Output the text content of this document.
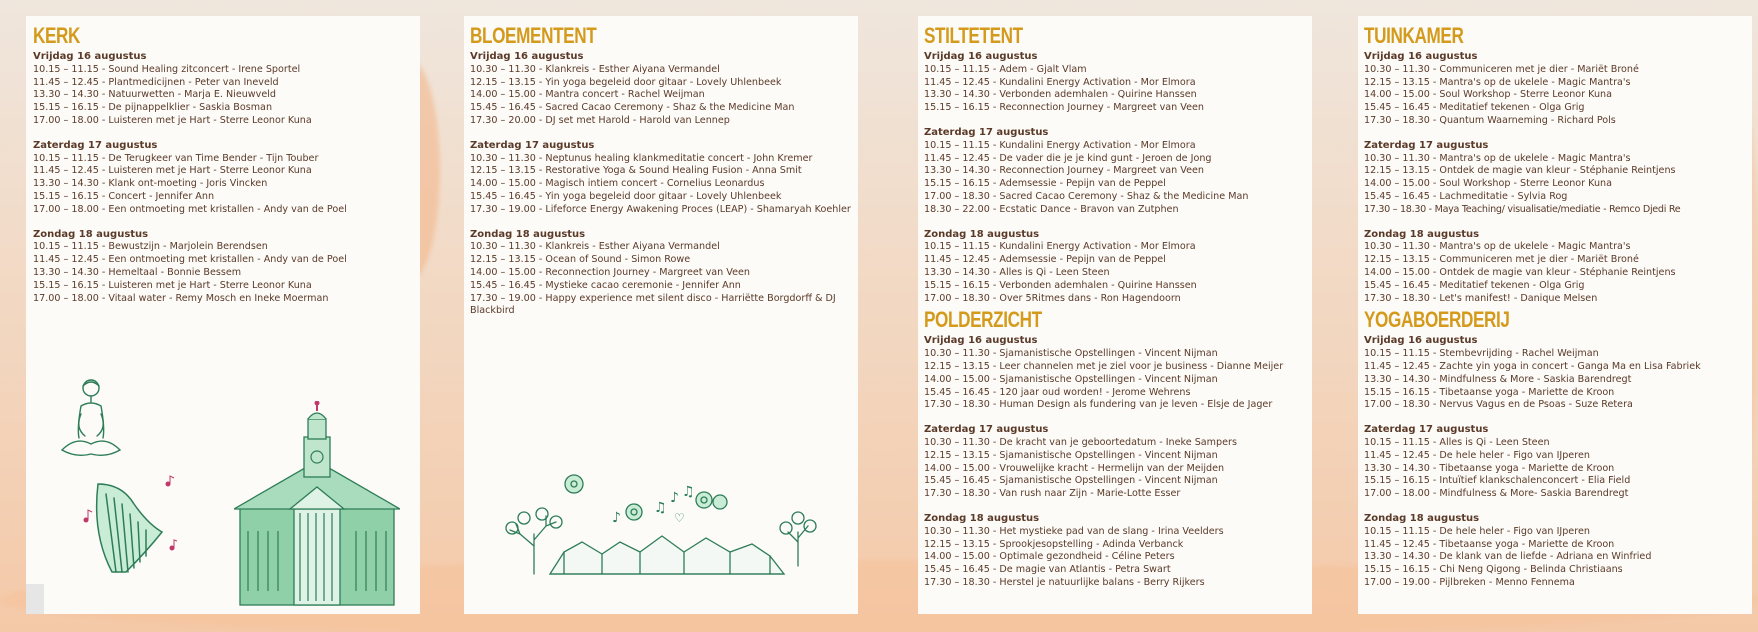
KERK
Vrijdag 16 augustus
10.15 – 11.15 - Sound Healing zitconcert - Irene Sportel
11.45 – 12.45 - Plantmedicijnen - Peter van Ineveld
13.30 – 14.30 - Natuurwetten - Marja E. Nieuwveld
15.15 – 16.15 - De pijnappelklier - Saskia Bosman
17.00 – 18.00 - Luisteren met je Hart - Sterre Leonor Kuna
Zaterdag 17 augustus
10.15 – 11.15 - De Terugkeer van Time Bender - Tijn Touber
11.45 – 12.45 - Luisteren met je Hart - Sterre Leonor Kuna
13.30 – 14.30 - Klank ont-moeting - Joris Vincken
15.15 – 16.15 - Concert - Jennifer Ann
17.00 – 18.00 - Een ontmoeting met kristallen - Andy van de Poel
Zondag 18 augustus
10.15 – 11.15 - Bewustzijn - Marjolein Berendsen
11.45 – 12.45 - Een ontmoeting met kristallen - Andy van de Poel
13.30 – 14.30 - Hemeltaal - Bonnie Bessem
15.15 – 16.15 - Luisteren met je Hart - Sterre Leonor Kuna
17.00 – 18.00 - Vitaal water - Remy Mosch en Ineke Moerman
BLOEMENTENT
Vrijdag 16 augustus
10.30 – 11.30 - Klankreis - Esther Aiyana Vermandel
12.15 – 13.15 - Yin yoga begeleid door gitaar - Lovely Uhlenbeek
14.00 – 15.00 - Mantra concert - Rachel Weijman
15.45 – 16.45 - Sacred Cacao Ceremony - Shaz & the Medicine Man
17.30 – 20.00 - DJ set met Harold - Harold van Lennep
Zaterdag 17 augustus
10.30 – 11.30 - Neptunus healing klankmeditatie concert - John Kremer
12.15 – 13.15 - Restorative Yoga & Sound Healing Fusion - Anna Smit
14.00 – 15.00 - Magisch intiem concert - Cornelius Leonardus
15.45 – 16.45 - Yin yoga begeleid door gitaar - Lovely Uhlenbeek
17.30 – 19.00 - Lifeforce Energy Awakening Proces (LEAP) - Shamaryah Koehler
Zondag 18 augustus
10.30 – 11.30 - Klankreis - Esther Aiyana Vermandel
12.15 – 13.15 - Ocean of Sound - Simon Rowe
14.00 – 15.00 - Reconnection Journey - Margreet van Veen
15.45 – 16.45 - Mystieke cacao ceremonie - Jennifer Ann
17.30 – 19.00 - Happy experience met silent disco - Harriëtte Borgdorff & DJ Blackbird
♪
♫
♪ ♫
♡
STILTETENT
Vrijdag 16 augustus
10.15 – 11.15 - Adem - Gjalt Vlam
11.45 – 12.45 - Kundalini Energy Activation - Mor Elmora
13.30 – 14.30 - Verbonden ademhalen - Quirine Hanssen
15.15 – 16.15 - Reconnection Journey - Margreet van Veen
Zaterdag 17 augustus
10.15 – 11.15 - Kundalini Energy Activation - Mor Elmora
11.45 – 12.45 - De vader die je je kind gunt - Jeroen de Jong
13.30 – 14.30 - Reconnection Journey - Margreet van Veen
15.15 – 16.15 - Ademsessie - Pepijn van de Peppel
17.00 – 18.30 - Sacred Cacao Ceremony - Shaz & the Medicine Man
18.30 – 22.00 - Ecstatic Dance - Bravon van Zutphen
Zondag 18 augustus
10.15 – 11.15 - Kundalini Energy Activation - Mor Elmora
11.45 – 12.45 - Ademsessie - Pepijn van de Peppel
13.30 – 14.30 - Alles is Qi - Leen Steen
15.15 – 16.15 - Verbonden ademhalen - Quirine Hanssen
17.00 – 18.30 - Over 5Ritmes dans - Ron Hagendoorn
POLDERZICHT
Vrijdag 16 augustus
10.30 – 11.30 - Sjamanistische Opstellingen - Vincent Nijman
12.15 – 13.15 - Leer channelen met je ziel voor je business - Dianne Meijer
14.00 – 15.00 - Sjamanistische Opstellingen - Vincent Nijman
15.45 – 16.45 - 120 jaar oud worden! - Jerome Wehrens
17.30 – 18.30 - Human Design als fundering van je leven - Elsje de Jager
Zaterdag 17 augustus
10.30 – 11.30 - De kracht van je geboortedatum - Ineke Sampers
12.15 – 13.15 - Sjamanistische Opstellingen - Vincent Nijman
14.00 – 15.00 - Vrouwelijke kracht - Hermelijn van der Meijden
15.45 – 16.45 - Sjamanistische Opstellingen - Vincent Nijman
17.30 – 18.30 - Van rush naar Zijn - Marie-Lotte Esser
Zondag 18 augustus
10.30 – 11.30 - Het mystieke pad van de slang - Irina Veelders
12.15 – 13.15 - Sprookjesopstelling - Adinda Verbanck
14.00 – 15.00 - Optimale gezondheid - Céline Peters
15.45 – 16.45 - De magie van Atlantis - Petra Swart
17.30 – 18.30 - Herstel je natuurlijke balans - Berry Rijkers
TUINKAMER
Vrijdag 16 augustus
10.30 – 11.30 - Communiceren met je dier - Mariët Broné
12.15 – 13.15 - Mantra's op de ukelele - Magic Mantra's
14.00 – 15.00 - Soul Workshop - Sterre Leonor Kuna
15.45 – 16.45 - Meditatief tekenen - Olga Grig
17.30 – 18.30 - Quantum Waarneming - Richard Pols
Zaterdag 17 augustus
10.30 – 11.30 - Mantra's op de ukelele - Magic Mantra's
12.15 – 13.15 - Ontdek de magie van kleur - Stéphanie Reintjens
14.00 – 15.00 - Soul Workshop - Sterre Leonor Kuna
15.45 – 16.45 - Lachmeditatie - Sylvia Rog
17.30 – 18.30 - Maya Teaching/ visualisatie/mediatie - Remco Djedi Re
Zondag 18 augustus
10.30 – 11.30 - Mantra's op de ukelele - Magic Mantra's
12.15 – 13.15 - Communiceren met je dier - Mariët Broné
14.00 – 15.00 - Ontdek de magie van kleur - Stéphanie Reintjens
15.45 – 16.45 - Meditatief tekenen - Olga Grig
17.30 – 18.30 - Let's manifest! - Danique Melsen
YOGABOERDERIJ
Vrijdag 16 augustus
10.15 – 11.15 - Stembevrijding - Rachel Weijman
11.45 – 12.45 - Zachte yin yoga in concert - Ganga Ma en Lisa Fabriek
13.30 – 14.30 - Mindfulness & More - Saskia Barendregt
15.15 – 16.15 - Tibetaanse yoga - Mariette de Kroon
17.00 – 18.30 - Nervus Vagus en de Psoas - Suze Retera
Zaterdag 17 augustus
10.15 – 11.15 - Alles is Qi - Leen Steen
11.45 – 12.45 - De hele heler - Figo van IJperen
13.30 – 14.30 - Tibetaanse yoga - Mariette de Kroon
15.15 – 16.15 - Intuïtief klankschalenconcert - Elia Field
17.00 – 18.00 - Mindfulness & More- Saskia Barendregt
Zondag 18 augustus
10.15 – 11.15 - De hele heler - Figo van IJperen
11.45 – 12.45 - Tibetaanse yoga - Mariette de Kroon
13.30 – 14.30 - De klank van de liefde - Adriana en Winfried
15.15 – 16.15 - Chi Neng Qigong - Belinda Christiaans
17.00 – 19.00 - Pijlbreken - Menno Fennema
